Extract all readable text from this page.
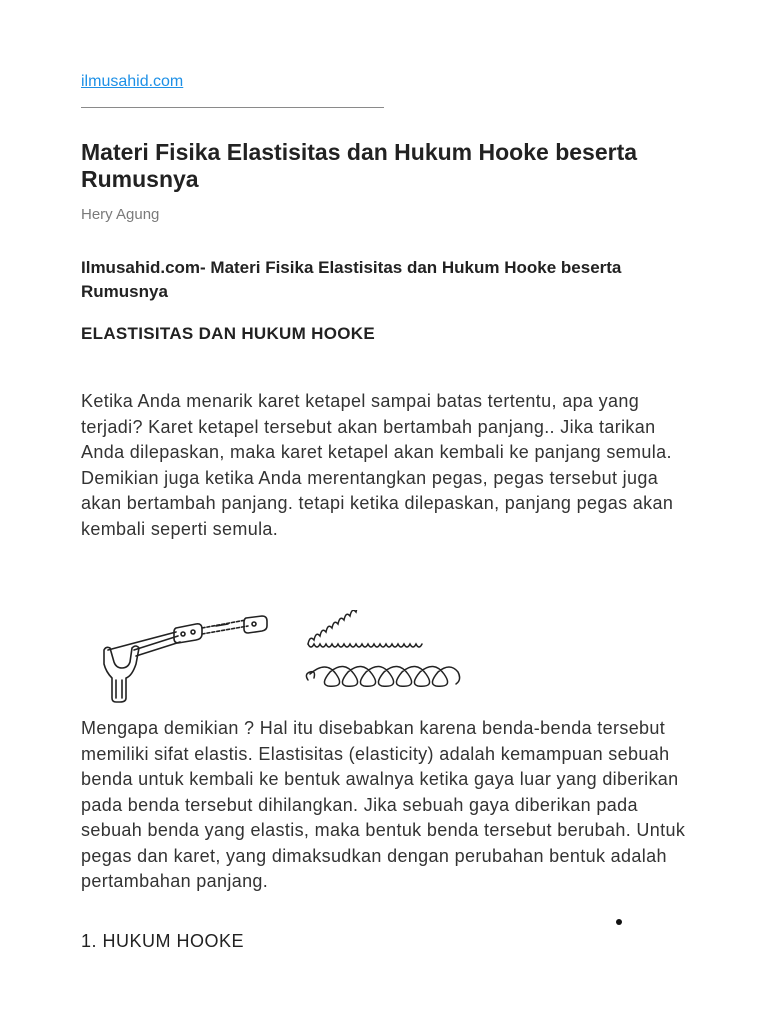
ilmusahid.com
Materi Fisika Elastisitas dan Hukum Hooke beserta Rumusnya
Hery Agung

Ilmusahid.com- Materi Fisika Elastisitas dan Hukum Hooke beserta Rumusnya

ELASTISITAS DAN HUKUM HOOKE

Ketika Anda menarik karet ketapel sampai batas tertentu, apa yang terjadi? Karet ketapel tersebut akan bertambah panjang.. Jika tarikan Anda dilepaskan, maka karet ketapel akan kembali ke panjang semula. Demikian juga ketika Anda merentangkan pegas, pegas tersebut juga akan bertambah panjang. tetapi ketika dilepaskan, panjang pegas akan kembali seperti semula.

Mengapa demikian ? Hal itu disebabkan karena benda-benda tersebut memiliki sifat elastis. Elastisitas (elasticity) adalah kemampuan sebuah benda untuk kembali ke bentuk awalnya ketika gaya luar yang diberikan pada benda tersebut dihilangkan. Jika sebuah gaya diberikan pada sebuah benda yang elastis, maka bentuk benda tersebut berubah. Untuk pegas dan karet, yang dimaksudkan dengan perubahan bentuk adalah pertambahan panjang.

1. HUKUM HOOKE
